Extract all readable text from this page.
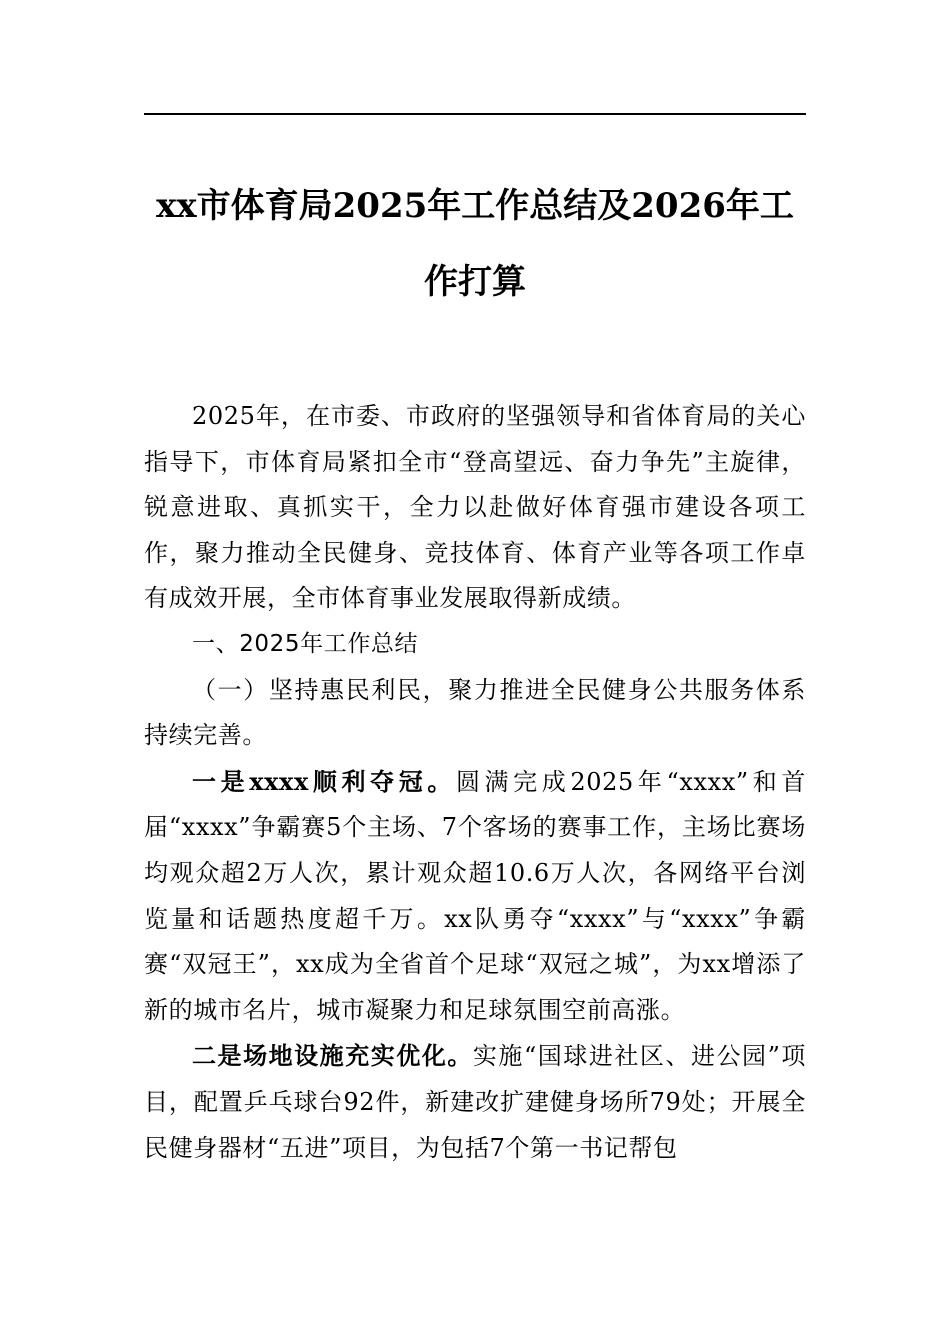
xx市体育局2025年工作总结及2026年工作打算

2025年，在市委、市政府的坚强领导和省体育局的关心指导下，市体育局紧扣全市“登高望远、奋力争先”主旋律，锐意进取、真抓实干，全力以赴做好体育强市建设各项工作，聚力推动全民健身、竞技体育、体育产业等各项工作卓有成效开展，全市体育事业发展取得新成绩。

一、2025年工作总结

（一）坚持惠民利民，聚力推进全民健身公共服务体系持续完善。

一是xxxx顺利夺冠。圆满完成2025年“xxxx”和首届“xxxx”争霸赛5个主场、7个客场的赛事工作，主场比赛场均观众超2万人次，累计观众超10.6万人次，各网络平台浏览量和话题热度超千万。xx队勇夺“xxxx”与“xxxx”争霸赛“双冠王”，xx成为全省首个足球“双冠之城”，为xx增添了新的城市名片，城市凝聚力和足球氛围空前高涨。

二是场地设施充实优化。实施“国球进社区、进公园”项目，配置乒乓球台92件，新建改扩建健身场所79处；开展全民健身器材“五进”项目，为包括7个第一书记帮包
